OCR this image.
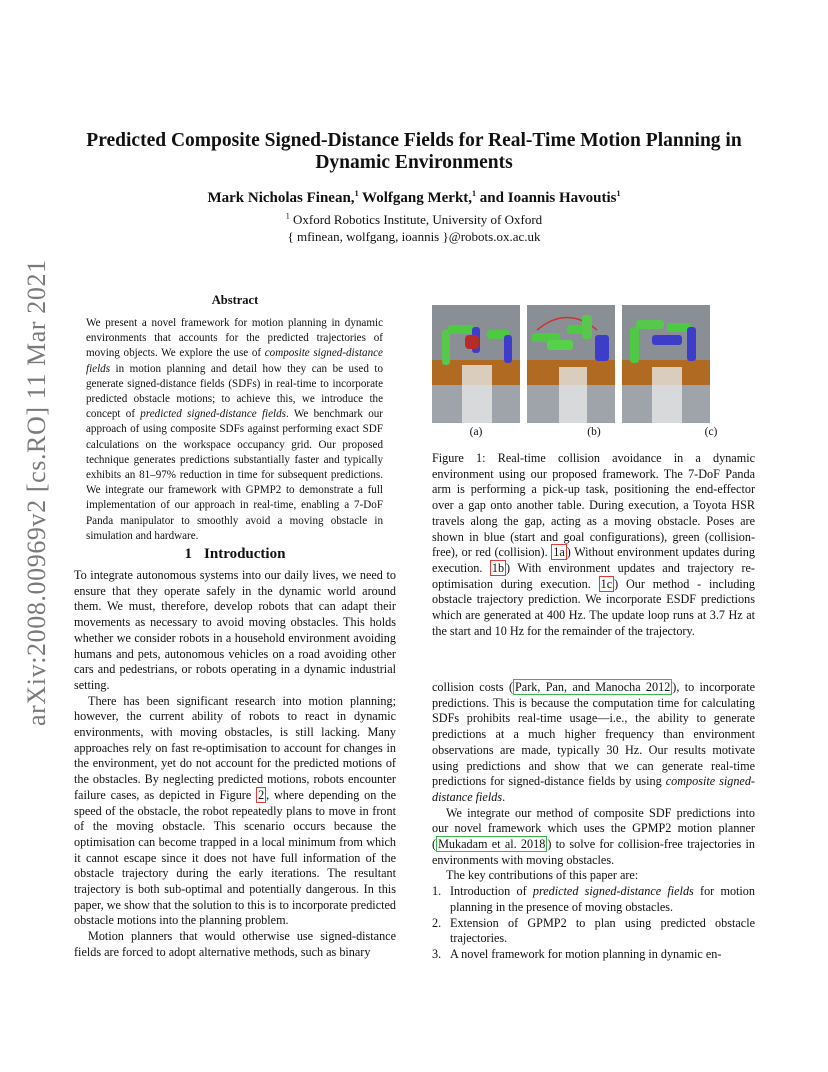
arXiv:2008.00969v2 [cs.RO] 11 Mar 2021
Predicted Composite Signed-Distance Fields for Real-Time Motion Planning in Dynamic Environments
Mark Nicholas Finean,$^1$ Wolfgang Merkt,$^1$ and Ioannis Havoutis$^1$
$^1$ Oxford Robotics Institute, University of Oxford
{ mfinean, wolfgang, ioannis }@robots.ox.ac.uk
Abstract

We present a novel framework for motion planning in dynamic environments that accounts for the predicted trajectories of moving objects. We explore the use of composite signed-distance fields in motion planning and detail how they can be used to generate signed-distance fields (SDFs) in real-time to incorporate predicted obstacle motions; to achieve this, we introduce the concept of predicted signed-distance fields. We benchmark our approach of using composite SDFs against performing exact SDF calculations on the workspace occupancy grid. Our proposed technique generates predictions substantially faster and typically exhibits an 81–97% reduction in time for subsequent predictions. We integrate our framework with GPMP2 to demonstrate a full implementation of our approach in real-time, enabling a 7-DoF Panda manipulator to smoothly avoid a moving obstacle in simulation and hardware.

1 Introduction

To integrate autonomous systems into our daily lives, we need to ensure that they operate safely in the dynamic world around them. We must, therefore, develop robots that can adapt their movements as necessary to avoid moving obstacles. This holds whether we consider robots in a household environment avoiding humans and pets, autonomous vehicles on a road avoiding other cars and pedestrians, or robots operating in a dynamic industrial setting.

There has been significant research into motion planning; however, the current ability of robots to react in dynamic environments, with moving obstacles, is still lacking. Many approaches rely on fast re-optimisation to account for changes in the environment, yet do not account for the predicted motions of the obstacles. By neglecting predicted motions, robots encounter failure cases, as depicted in Figure 2 , where depending on the speed of the obstacle, the robot repeatedly plans to move in front of the moving obstacle. This scenario occurs because the optimisation can become trapped in a local minimum from which it cannot escape since it does not have full information of the obstacle trajectory during the early iterations. The resultant trajectory is both sub-optimal and potentially dangerous. In this paper, we show that the solution to this is to incorporate predicted obstacle motions into the planning problem.

Motion planners that would otherwise use signed-distance fields are forced to adopt alternative methods, such as binary

(a)	(b)	(c)

Figure 1: Real-time collision avoidance in a dynamic environment using our proposed framework. The 7-DoF Panda arm is performing a pick-up task, positioning the end-effector over a gap onto another table. During execution, a Toyota HSR travels along the gap, acting as a moving obstacle. Poses are shown in blue (start and goal configurations), green (collision-free), or red (collision). 1a ) Without environment updates during execution. 1b ) With environment updates and trajectory re-optimisation during execution. 1c ) Our method - including obstacle trajectory prediction. We incorporate ESDF predictions which are generated at 400 Hz. The update loop runs at 3.7 Hz at the start and 10 Hz for the remainder of the trajectory.

collision costs ( Park, Pan, and Manocha 2012 ), to incorporate predictions. This is because the computation time for calculating SDFs prohibits real-time usage—i.e., the ability to generate predictions at a much higher frequency than environment observations are made, typically 30 Hz. Our results motivate using predictions and show that we can generate real-time predictions for signed-distance fields by using composite signed-distance fields.

We integrate our method of composite SDF predictions into our novel framework which uses the GPMP2 motion planner ( Mukadam et al. 2018 ) to solve for collision-free trajectories in environments with moving obstacles.

The key contributions of this paper are:

1. Introduction of predicted signed-distance fields for motion planning in the presence of moving obstacles.
2. Extension of GPMP2 to plan using predicted obstacle trajectories.
3. A novel framework for motion planning in dynamic en-
